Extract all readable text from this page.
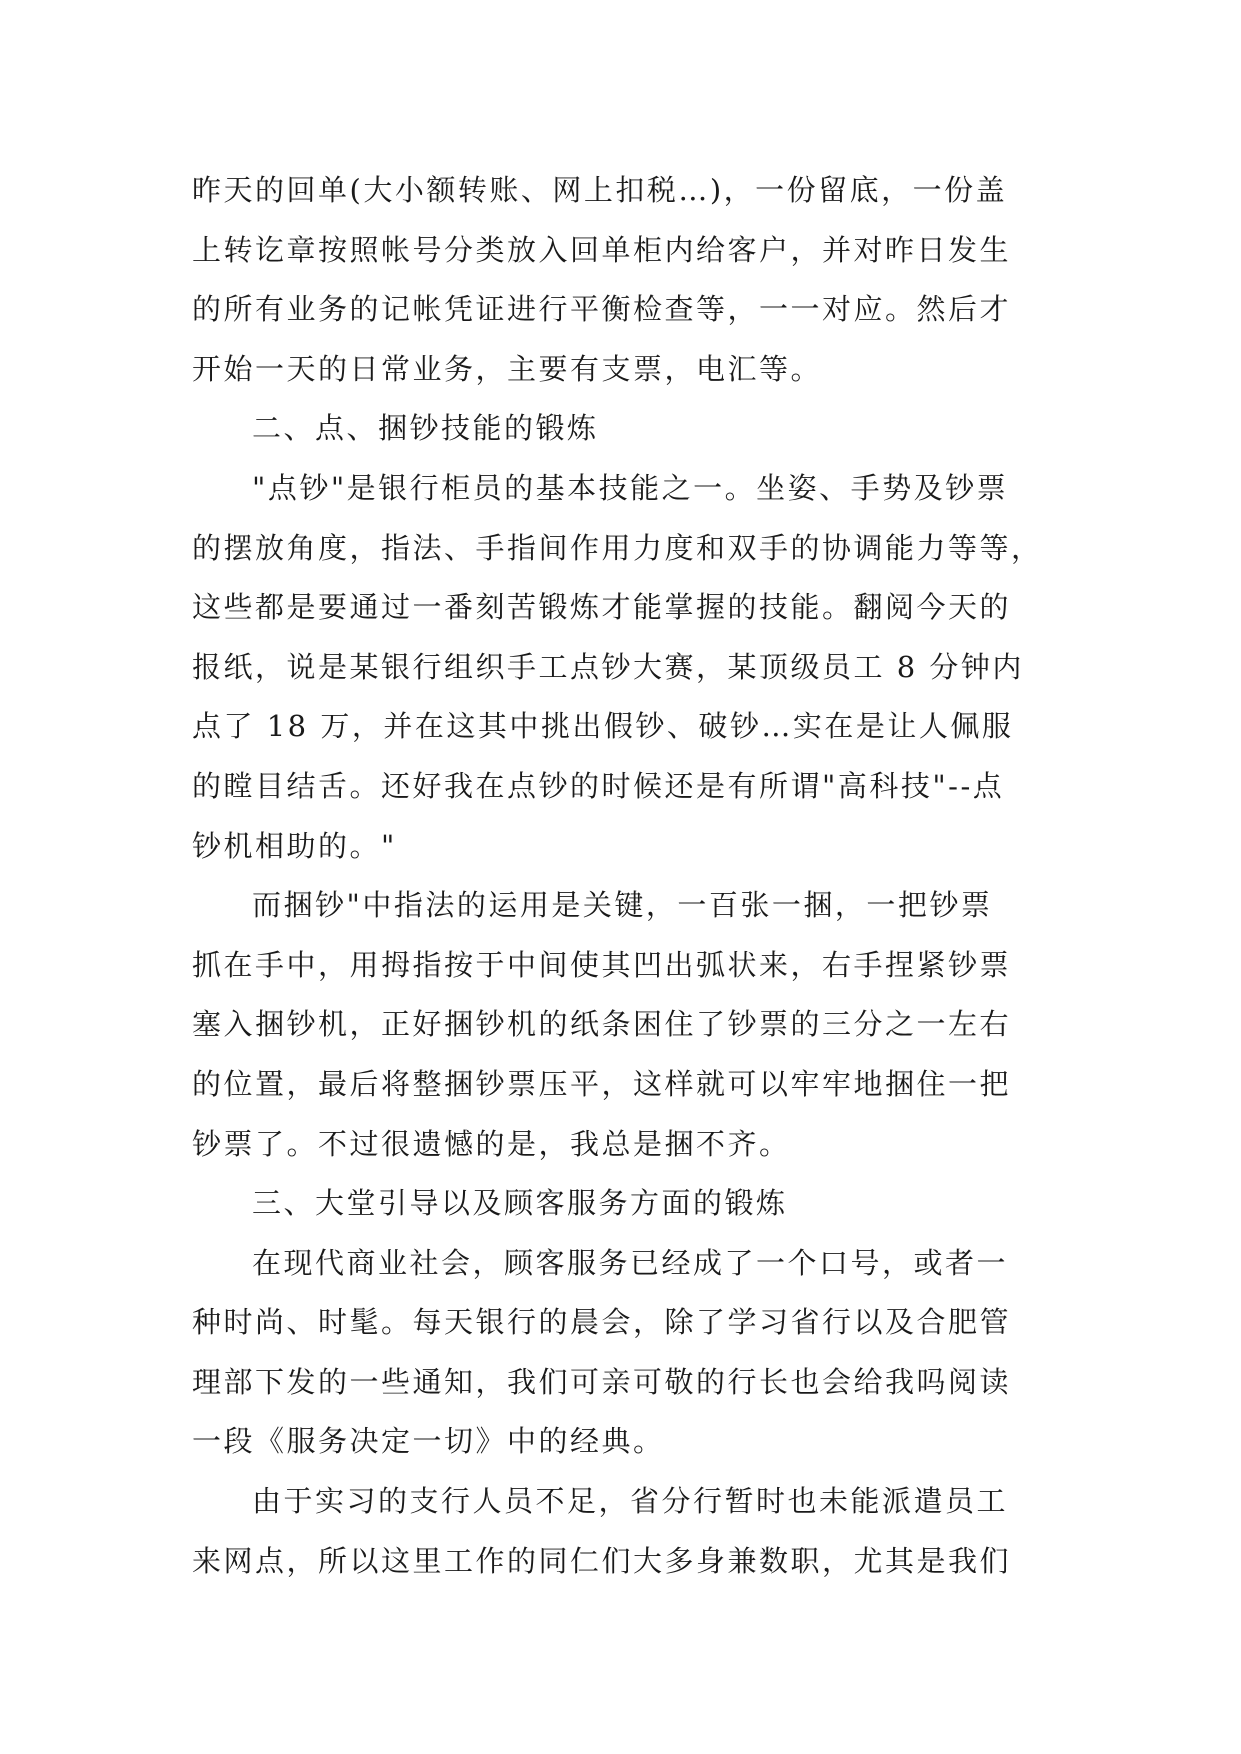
昨天的回单(大小额转账、网上扣税…)，一份留底，一份盖
上转讫章按照帐号分类放入回单柜内给客户，并对昨日发生
的所有业务的记帐凭证进行平衡检查等，一一对应。然后才
开始一天的日常业务，主要有支票，电汇等。
二、点、捆钞技能的锻炼
"点钞"是银行柜员的基本技能之一。坐姿、手势及钞票
的摆放角度，指法、手指间作用力度和双手的协调能力等等，
这些都是要通过一番刻苦锻炼才能掌握的技能。翻阅今天的
报纸，说是某银行组织手工点钞大赛，某顶级员工 8 分钟内
点了 18 万，并在这其中挑出假钞、破钞…实在是让人佩服
的瞠目结舌。还好我在点钞的时候还是有所谓"高科技"--点
钞机相助的。"
而捆钞"中指法的运用是关键，一百张一捆，一把钞票
抓在手中，用拇指按于中间使其凹出弧状来，右手捏紧钞票
塞入捆钞机，正好捆钞机的纸条困住了钞票的三分之一左右
的位置，最后将整捆钞票压平，这样就可以牢牢地捆住一把
钞票了。不过很遗憾的是，我总是捆不齐。
三、大堂引导以及顾客服务方面的锻炼
在现代商业社会，顾客服务已经成了一个口号，或者一
种时尚、时髦。每天银行的晨会，除了学习省行以及合肥管
理部下发的一些通知，我们可亲可敬的行长也会给我吗阅读
一段《服务决定一切》中的经典。
由于实习的支行人员不足，省分行暂时也未能派遣员工
来网点，所以这里工作的同仁们大多身兼数职，尤其是我们
